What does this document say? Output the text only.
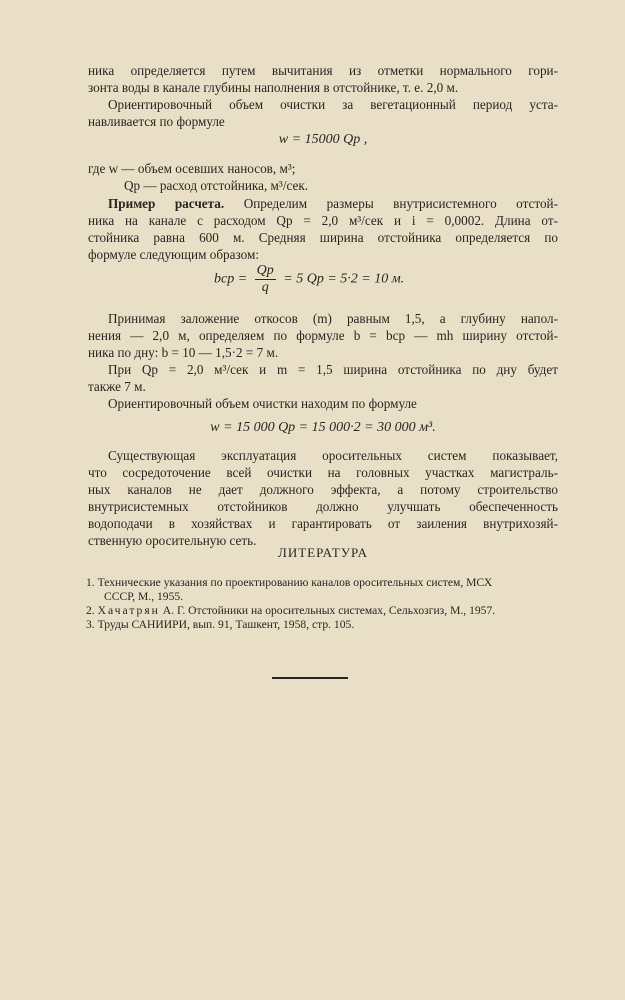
ника определяется путем вычитания из отметки нормального гори-
зонта воды в канале глубины наполнения в отстойнике, т. е. 2,0 м.
Ориентировочный объем очистки за вегетационный период уста-
навливается по формуле
w = 15000 Qр ,
где w — объем осевших наносов, м³;
Qр — расход отстойника, м³/сек.
Пример расчета. Определим размеры внутрисистемного отстой-
ника на канале с расходом Qр = 2,0 м³/сек и i = 0,0002. Длина от-
стойника равна 600 м. Средняя ширина отстойника определяется по
формуле следующим образом:
bср =
Qр
q
= 5 Qр = 5·2 = 10 м.
Принимая заложение откосов (m) равным 1,5, а глубину напол-
нения — 2,0 м, определяем по формуле b = bср — mh ширину отстой-
ника по дну: b = 10 — 1,5·2 = 7 м.
При Qр = 2,0 м³/сек и m = 1,5 ширина отстойника по дну будет
также 7 м.
Ориентировочный объем очистки находим по формуле
w = 15 000 Qр = 15 000·2 = 30 000 м³.
Существующая эксплуатация оросительных систем показывает,
что сосредоточение всей очистки на головных участках магистраль-
ных каналов не дает должного эффекта, а потому строительство
внутрисистемных отстойников должно улучшать обеспеченность
водоподачи в хозяйствах и гарантировать от заиления внутрихозяй-
ственную оросительную сеть.
ЛИТЕРАТУРА
1. Технические указания по проектированию каналов оросительных систем, МСХ
СССР, М., 1955.
2. Хачатрян А. Г. Отстойники на оросительных системах, Сельхозгиз, М., 1957.
3. Труды САНИИРИ, вып. 91, Ташкент, 1958, стр. 105.
